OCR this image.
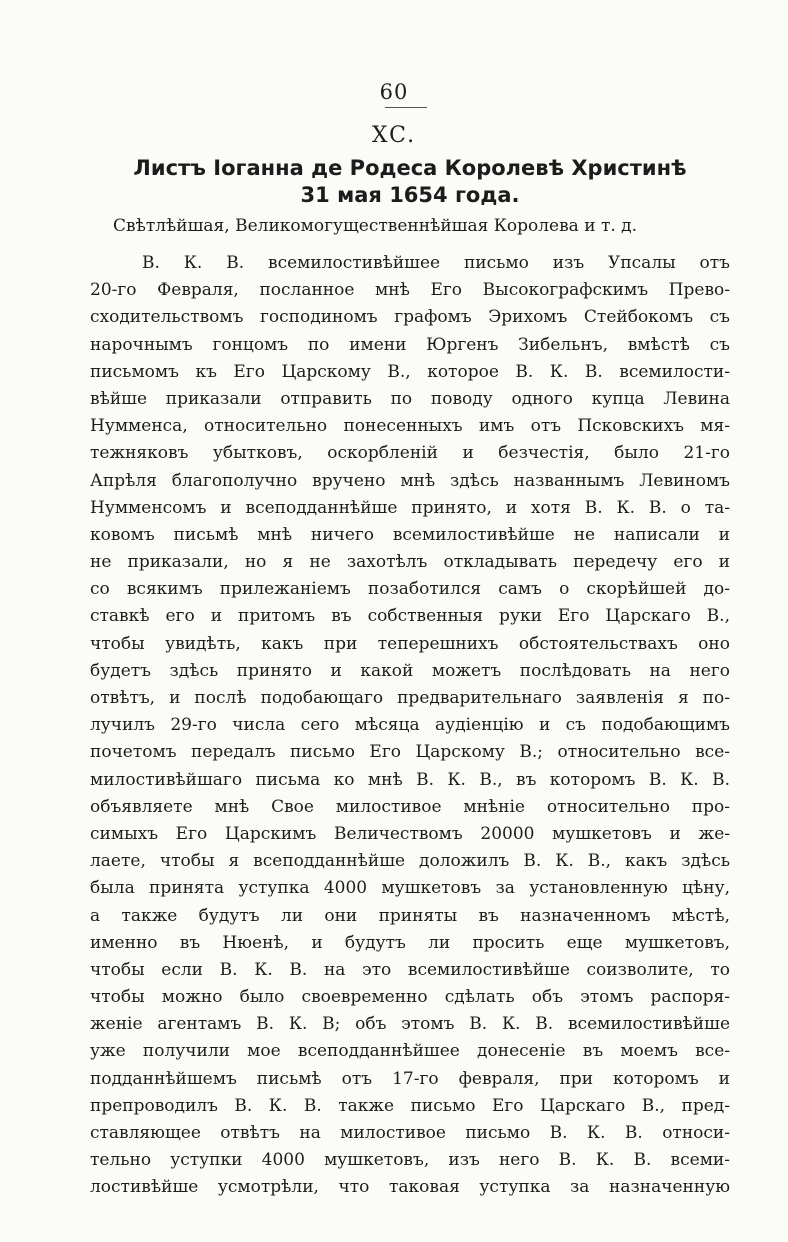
60
XC.
Листъ Іоганна де Родеса Королевѣ Христинѣ
31 мая 1654 года.
Свѣтлѣйшая, Великомогущественнѣйшая Королева и т. д.
В. К. В. всемилостивѣйшее письмо изъ Упсалы отъ
20-го Февраля, посланное мнѣ Его Высокографскимъ Прево-
сходительствомъ господиномъ графомъ Эрихомъ Стейбокомъ съ
нарочнымъ гонцомъ по имени Юргенъ Зибельнъ, вмѣстѣ съ
письмомъ къ Его Царскому В., которое В. К. В. всемилости-
вѣйше приказали отправить по поводу одного купца Левина
Нумменса, относительно понесенныхъ имъ отъ Псковскихъ мя-
тежняковъ убытковъ, оскорбленій и безчестія, было 21-го
Апрѣля благополучно вручено мнѣ здѣсь названнымъ Левиномъ
Нумменсомъ и всеподданнѣйше принято, и хотя В. К. В. о та-
ковомъ письмѣ мнѣ ничего всемилостивѣйше не написали и
не приказали, но я не захотѣлъ откладывать передечу его и
со всякимъ прилежаніемъ позаботился самъ о скорѣйшей до-
ставкѣ его и притомъ въ собственныя руки Его Царскаго В.,
чтобы увидѣть, какъ при теперешнихъ обстоятельствахъ оно
будетъ здѣсь принято и какой можетъ послѣдовать на него
отвѣтъ, и послѣ подобающаго предварительнаго заявленія я по-
лучилъ 29-го числа сего мѣсяца аудіенцію и съ подобающимъ
почетомъ передалъ письмо Его Царскому В.; относительно все-
милостивѣйшаго письма ко мнѣ В. К. В., въ которомъ В. К. В.
объявляете мнѣ Свое милостивое мнѣніе относительно про-
симыхъ Его Царскимъ Величествомъ 20000 мушкетовъ и же-
лаете, чтобы я всеподданнѣйше доложилъ В. К. В., какъ здѣсь
была принята уступка 4000 мушкетовъ за установленную цѣну,
а также будутъ ли они приняты въ назначенномъ мѣстѣ,
именно въ Нюенѣ, и будутъ ли просить еще мушкетовъ,
чтобы если В. К. В. на это всемилостивѣйше соизволите, то
чтобы можно было своевременно сдѣлать объ этомъ распоря-
женіе агентамъ В. К. В; объ этомъ В. К. В. всемилостивѣйше
уже получили мое всеподданнѣйшее донесеніе въ моемъ все-
подданнѣйшемъ письмѣ отъ 17-го февраля, при которомъ и
препроводилъ В. К. В. также письмо Его Царскаго В., пред-
ставляющее отвѣтъ на милостивое письмо В. К. В. относи-
тельно уступки 4000 мушкетовъ, изъ него В. К. В. всеми-
лостивѣйше усмотрѣли, что таковая уступка за назначенную
